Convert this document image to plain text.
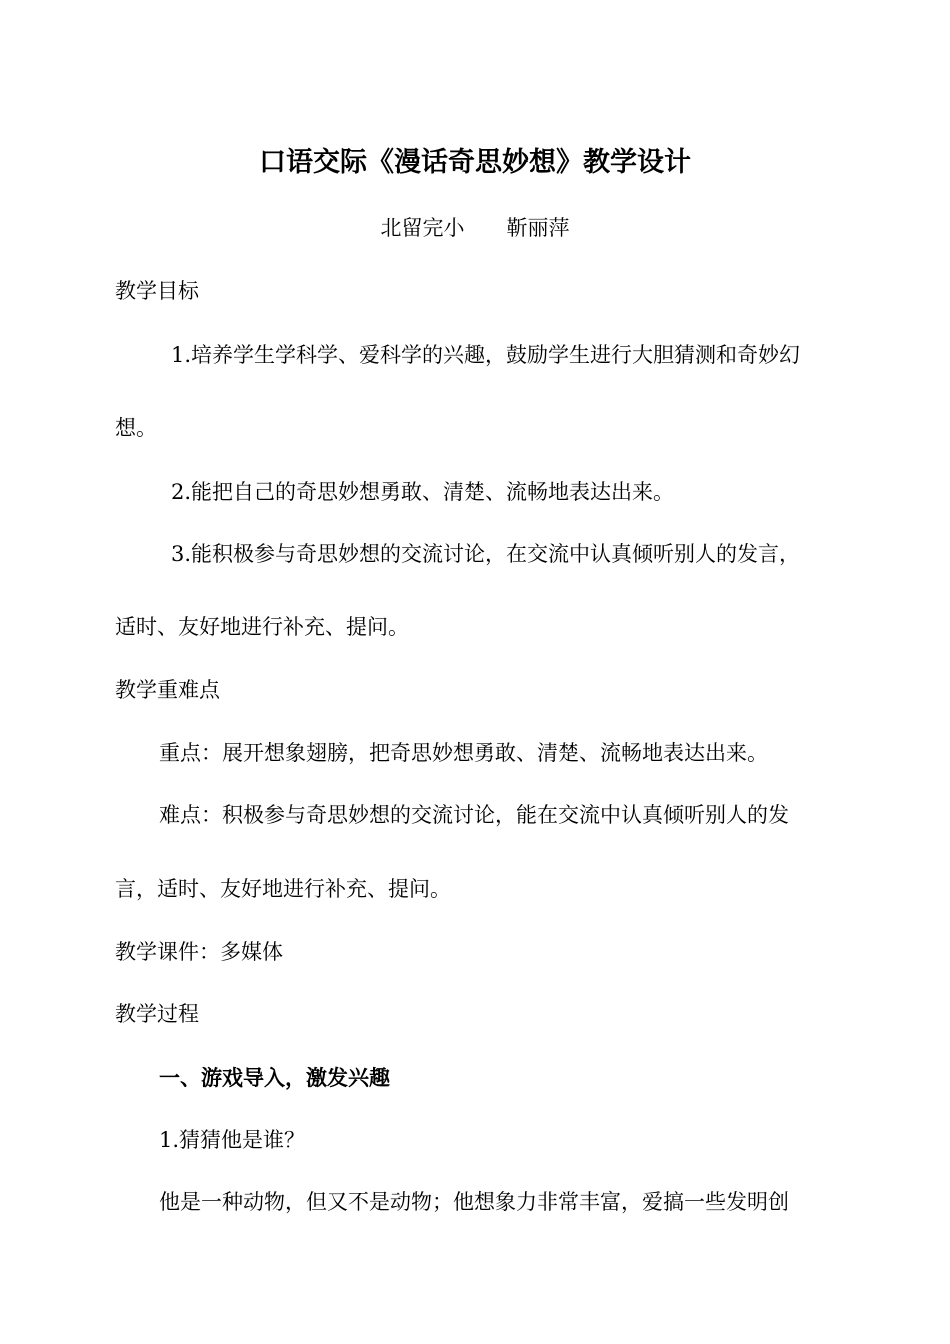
口语交际《漫话奇思妙想》教学设计
北留完小　　靳丽萍
教学目标
1.培养学生学科学、爱科学的兴趣，鼓励学生进行大胆猜测和奇妙幻
想。
2.能把自己的奇思妙想勇敢、清楚、流畅地表达出来。
3.能积极参与奇思妙想的交流讨论，在交流中认真倾听别人的发言，
适时、友好地进行补充、提问。
教学重难点
重点：展开想象翅膀，把奇思妙想勇敢、清楚、流畅地表达出来。
难点：积极参与奇思妙想的交流讨论，能在交流中认真倾听别人的发
言，适时、友好地进行补充、提问。
教学课件：多媒体
教学过程
一、游戏导入，激发兴趣
1.猜猜他是谁？
他是一种动物，但又不是动物；他想象力非常丰富，爱搞一些发明创
